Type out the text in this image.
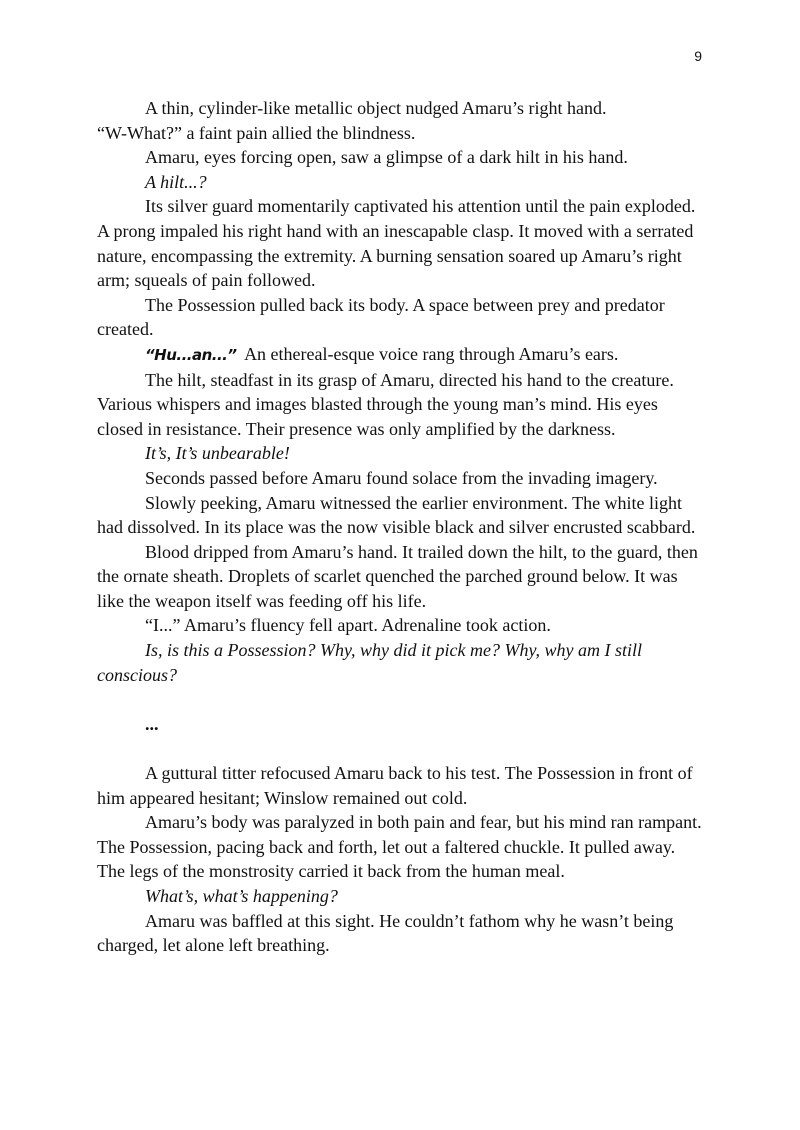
9

A thin, cylinder-like metallic object nudged Amaru’s right hand.

“W-What?” a faint pain allied the blindness.

Amaru, eyes forcing open, saw a glimpse of a dark hilt in his hand.

A hilt...?

Its silver guard momentarily captivated his attention until the pain exploded. A prong impaled his right hand with an inescapable clasp. It moved with a serrated nature, encompassing the extremity. A burning sensation soared up Amaru’s right arm; squeals of pain followed.

The Possession pulled back its body. A space between prey and predator created.

“Hu...an...” An ethereal-esque voice rang through Amaru’s ears.

The hilt, steadfast in its grasp of Amaru, directed his hand to the creature. Various whispers and images blasted through the young man’s mind. His eyes closed in resistance. Their presence was only amplified by the darkness.

It’s, It’s unbearable!

Seconds passed before Amaru found solace from the invading imagery.

Slowly peeking, Amaru witnessed the earlier environment. The white light had dissolved. In its place was the now visible black and silver encrusted scabbard.

Blood dripped from Amaru’s hand. It trailed down the hilt, to the guard, then the ornate sheath. Droplets of scarlet quenched the parched ground below. It was like the weapon itself was feeding off his life.

“I...” Amaru’s fluency fell apart. Adrenaline took action.

Is, is this a Possession? Why, why did it pick me? Why, why am I still conscious?

...

A guttural titter refocused Amaru back to his test. The Possession in front of him appeared hesitant; Winslow remained out cold.

Amaru’s body was paralyzed in both pain and fear, but his mind ran rampant. The Possession, pacing back and forth, let out a faltered chuckle. It pulled away. The legs of the monstrosity carried it back from the human meal.

What’s, what’s happening?

Amaru was baffled at this sight. He couldn’t fathom why he wasn’t being charged, let alone left breathing.
